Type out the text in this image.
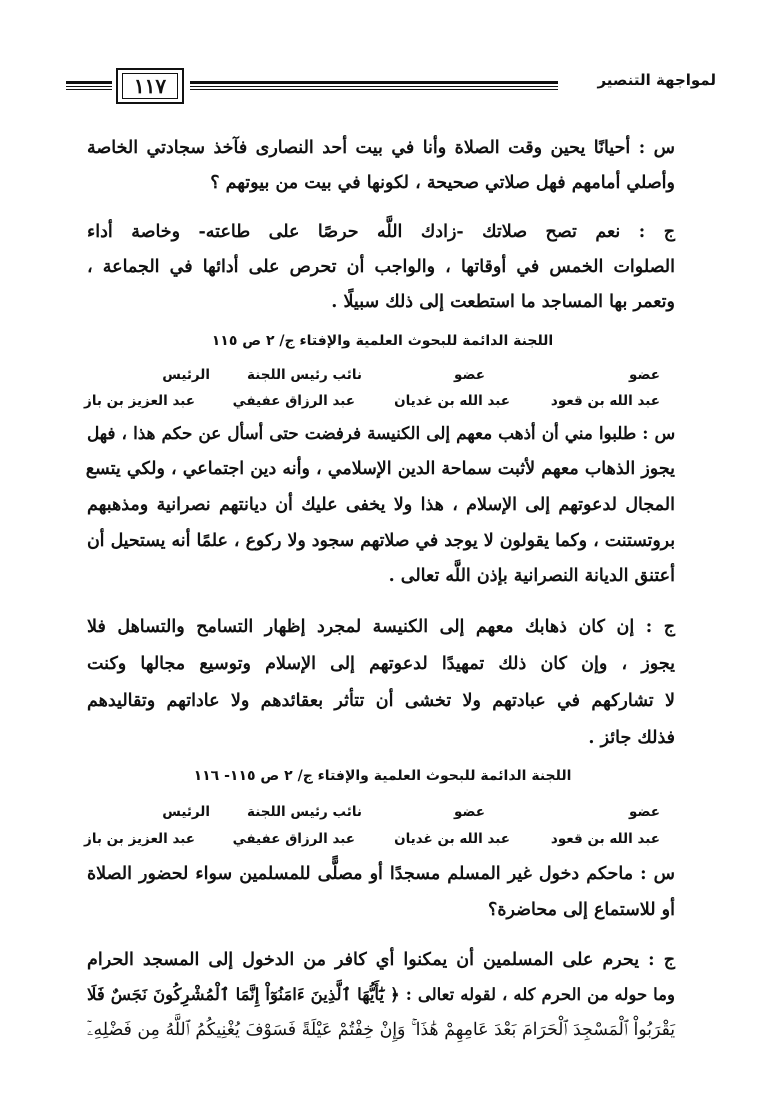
١١٧	لمواجهة التنصير
س : أحيانًا يحين وقت الصلاة وأنا في بيت أحد النصارى فآخذ سجادتي الخاصة
وأصلي أمامهم فهل صلاتي صحيحة ، لكونها في بيت من بيوتهم ؟
ج : نعم تصح صلاتك -زادك اللَّه حرصًا على طاعته- وخاصة أداء
الصلوات الخمس في أوقاتها ، والواجب أن تحرص على أدائها في الجماعة ،
وتعمر بها المساجد ما استطعت إلى ذلك سبيلًا .
اللجنة الدائمة للبحوث العلمية والإفتاء ج/ ٢ ص ١١٥
عضو
عضو
نائب رئيس اللجنة
الرئيس
عبد الله بن قعود
عبد الله بن غديان
عبد الرزاق عفيفي
عبد العزيز بن باز
س : طلبوا مني أن أذهب معهم إلى الكنيسة فرفضت حتى أسأل عن حكم هذا ، فهل
يجوز الذهاب معهم لأثبت سماحة الدين الإسلامي ، وأنه دين اجتماعي ، ولكي يتسع
المجال لدعوتهم إلى الإسلام ، هذا ولا يخفى عليك أن ديانتهم نصرانية ومذهبهم
بروتستنت ، وكما يقولون لا يوجد في صلاتهم سجود ولا ركوع ، علمًا أنه يستحيل أن
أعتنق الديانة النصرانية بإذن اللَّه تعالى .
ج : إن كان ذهابك معهم إلى الكنيسة لمجرد إظهار التسامح والتساهل فلا
يجوز ، وإن كان ذلك تمهيدًا لدعوتهم إلى الإسلام وتوسيع مجالها وكنت
لا تشاركهم في عبادتهم ولا تخشى أن تتأثر بعقائدهم ولا عاداتهم وتقاليدهم
فذلك جائز .
اللجنة الدائمة للبحوث العلمية والإفتاء ج/ ٢ ص ١١٥- ١١٦
عضو
عضو
نائب رئيس اللجنة
الرئيس
عبد الله بن قعود
عبد الله بن غديان
عبد الرزاق عفيفي
عبد العزيز بن باز
س : ماحكم دخول غير المسلم مسجدًا أو مصلًّى للمسلمين سواء لحضور الصلاة
أو للاستماع إلى محاضرة؟
ج : يحرم على المسلمين أن يمكنوا أي كافر من الدخول إلى المسجد الحرام
وما حوله من الحرم كله ، لقوله تعالى : ﴿ يَٰٓأَيُّهَا ٱلَّذِينَ ءَامَنُوٓاْ إِنَّمَا ٱلْمُشْرِكُونَ نَجَسٌ فَلَا
يَقْرَبُواْ ٱلْمَسْجِدَ ٱلْحَرَامَ بَعْدَ عَامِهِمْ هَٰذَا ۚ وَإِنْ خِفْتُمْ عَيْلَةً فَسَوْفَ يُغْنِيكُمُ ٱللَّهُ مِن فَضْلِهِۦٓ
